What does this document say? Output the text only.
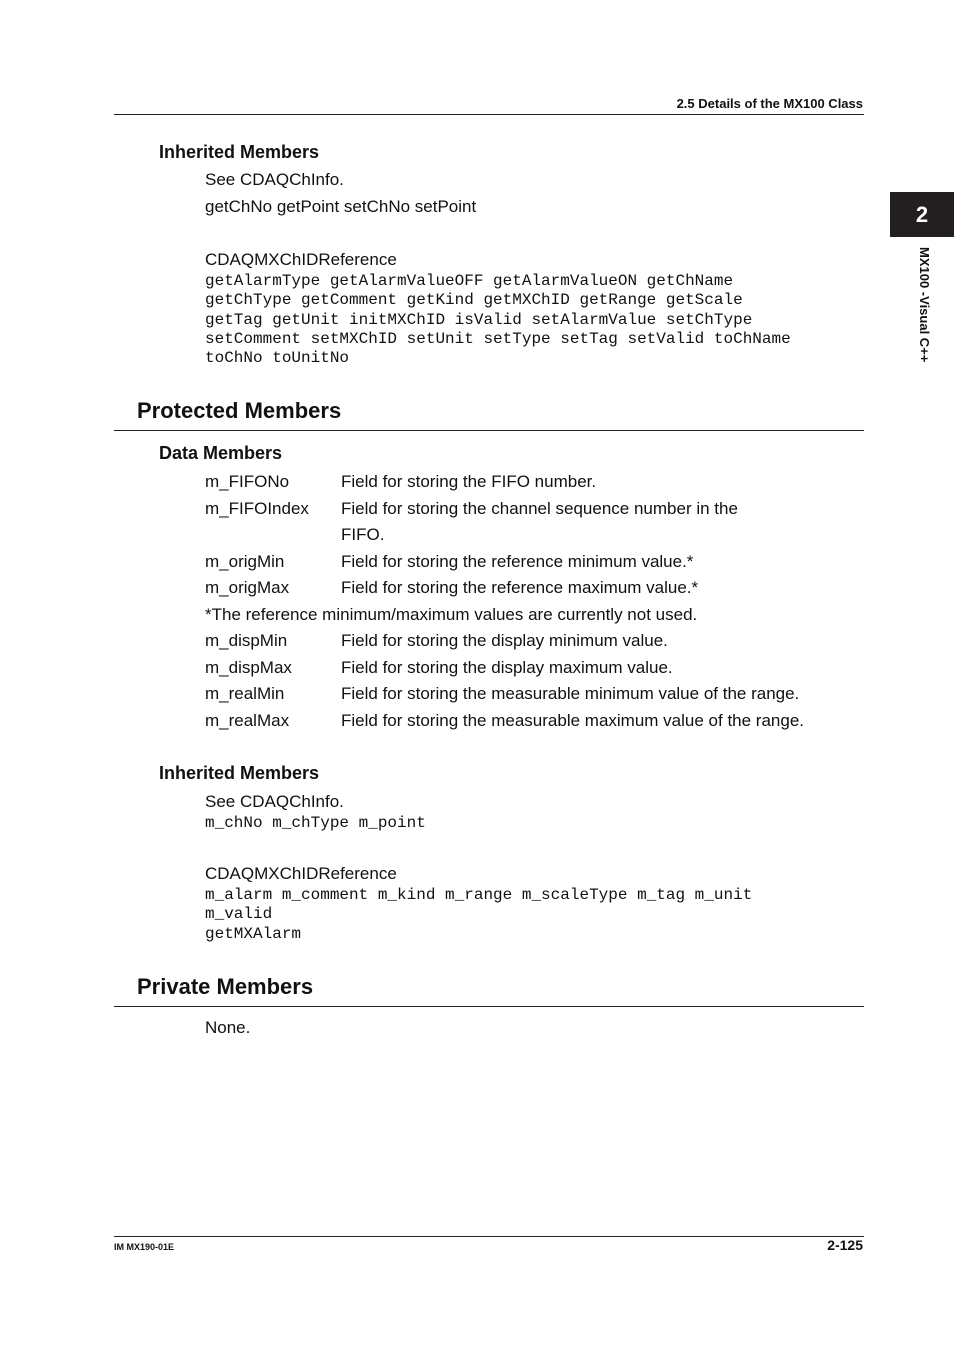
2.5 Details of the MX100 Class
2
MX100 -Visual C++
Inherited Members
See CDAQChInfo.
getChNo getPoint setChNo setPoint
CDAQMXChIDReference
getAlarmType getAlarmValueOFF getAlarmValueON getChName
getChType getComment getKind getMXChID getRange getScale
getTag getUnit initMXChID isValid setAlarmValue setChType
setComment setMXChID setUnit setType setTag setValid toChName
toChNo toUnitNo
Protected Members
Data Members
m_FIFONo	Field for storing the FIFO number.
m_FIFOIndex Field for storing the channel sequence number in the FIFO.
m_origMin	Field for storing the reference minimum value.*
m_origMax	Field for storing the reference maximum value.*
*The reference minimum/maximum values are currently not used.
m_dispMin	Field for storing the display minimum value.
m_dispMax	Field for storing the display maximum value.
m_realMin	Field for storing the measurable minimum value of the range.
m_realMax	Field for storing the measurable maximum value of the range.
Inherited Members
See CDAQChInfo.
m_chNo m_chType m_point
CDAQMXChIDReference
m_alarm m_comment m_kind m_range m_scaleType m_tag m_unit
m_valid
getMXAlarm
Private Members
None.
IM MX190-01E	2-125
